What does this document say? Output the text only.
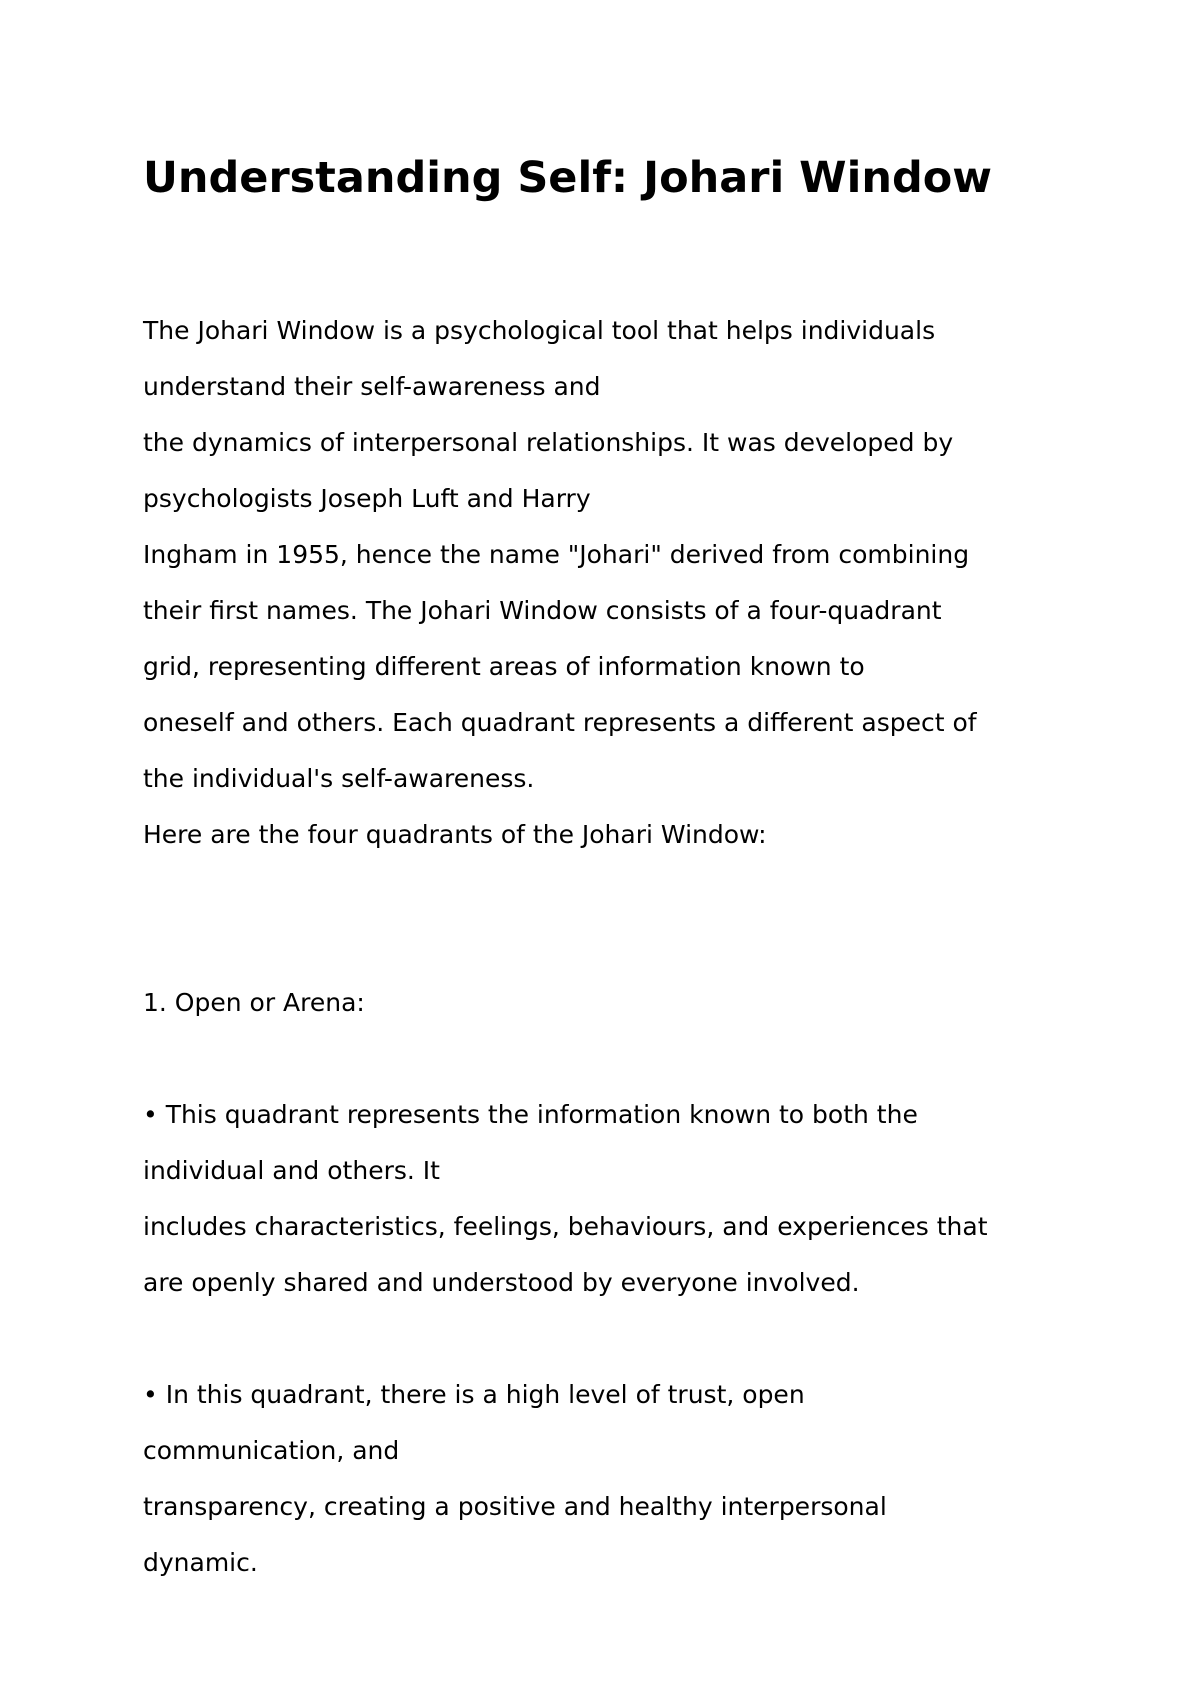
Understanding Self: Johari Window

The Johari Window is a psychological tool that helps individuals

understand their self-awareness and

the dynamics of interpersonal relationships. It was developed by

psychologists Joseph Luft and Harry

Ingham in 1955, hence the name "Johari" derived from combining

their first names. The Johari Window consists of a four-quadrant

grid, representing different areas of information known to

oneself and others. Each quadrant represents a different aspect of

the individual's self-awareness.

Here are the four quadrants of the Johari Window:

1. Open or Arena:

• This quadrant represents the information known to both the

individual and others. It

includes characteristics, feelings, behaviours, and experiences that

are openly shared and understood by everyone involved.

• In this quadrant, there is a high level of trust, open

communication, and

transparency, creating a positive and healthy interpersonal

dynamic.
